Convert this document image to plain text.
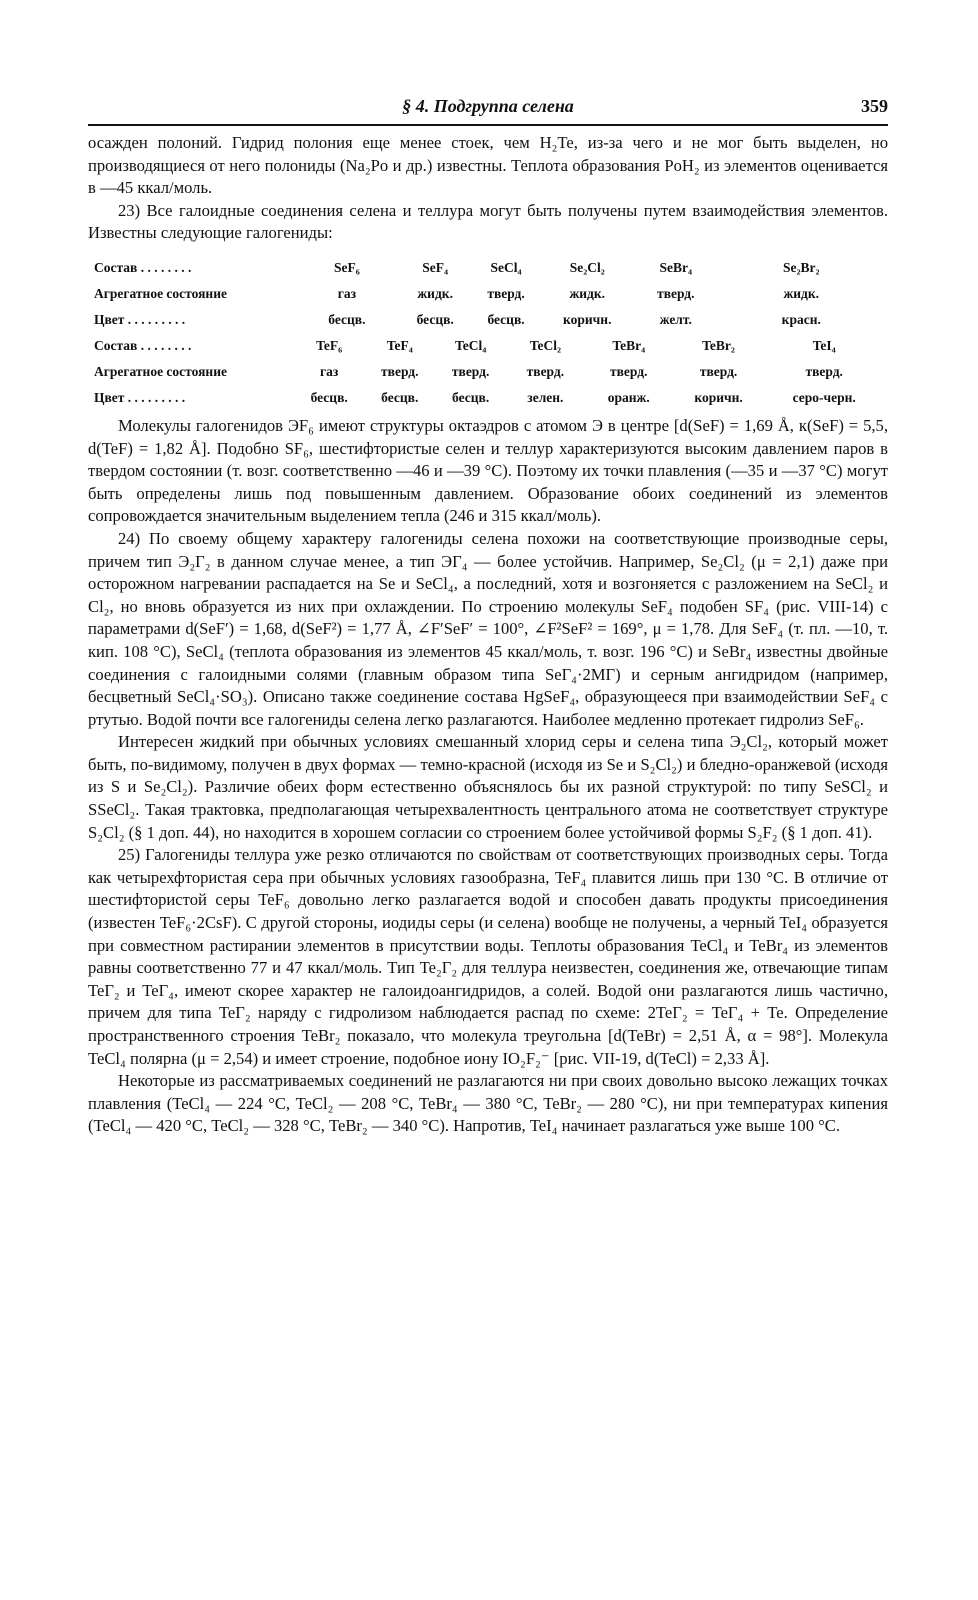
§ 4. Подгруппа селена	359

осажден полоний. Гидрид полония еще менее стоек, чем H₂Te, из-за чего и не мог быть выделен, но производящиеся от него полониды (Na₂Po и др.) известны. Теплота образования PoH₂ из элементов оценивается в —45 ккал/моль.

23) Все галоидные соединения селена и теллура могут быть получены путем взаимодействия элементов. Известны следующие галогениды:

Состав . . . . . . . .	SeF₆		SeF₄		SeCl₄		Se₂Cl₂		SeBr₄		Se₂Br₂	
Агрегатное состояние	газ		жидк.		тверд.		жидк.		тверд.		жидк.	
Цвет . . . . . . . . .	бесцв.		бесцв.		бесцв.		коричн.		желт.		красн.	

Состав . . . . . . . .	TeF₆	TeF₄		TeCl₄		TeCl₂		TeBr₄		TeBr₂		TeI₄
Агрегатное состояние	газ	тверд.		тверд.		тверд.		тверд.		тверд.		тверд.
Цвет . . . . . . . . .	бесцв.	бесцв.		бесцв.		зелен.		оранж.		коричн.		серо-черн.

Молекулы галогенидов ЭF₆ имеют структуры октаэдров с атомом Э в центре [d(SeF) = 1,69 Å, к(SeF) = 5,5, d(TeF) = 1,82 Å]. Подобно SF₆, шестифтористые селен и теллур характеризуются высоким давлением паров в твердом состоянии (т. возг. соответственно —46 и —39 °С). Поэтому их точки плавления (—35 и —37 °С) могут быть определены лишь под повышенным давлением. Образование обоих соединений из элементов сопровождается значительным выделением тепла (246 и 315 ккал/моль).

24) По своему общему характеру галогениды селена похожи на соответствующие производные серы, причем тип Э₂Г₂ в данном случае менее, а тип ЭГ₄ — более устойчив. Например, Se₂Cl₂ (μ = 2,1) даже при осторожном нагревании распадается на Se и SeCl₄, а последний, хотя и возгоняется с разложением на SeCl₂ и Cl₂, но вновь образуется из них при охлаждении. По строению молекулы SeF₄ подобен SF₄ (рис. VIII-14) с параметрами d(SeF′) = 1,68, d(SeF²) = 1,77 Å, ∠F′SeF′ = 100°, ∠F²SeF² = 169°, μ = 1,78. Для SeF₄ (т. пл. —10, т. кип. 108 °С), SeCl₄ (теплота образования из элементов 45 ккал/моль, т. возг. 196 °С) и SeBr₄ известны двойные соединения с галоидными солями (главным образом типа SeГ₄·2МГ) и серным ангидридом (например, бесцветный SeCl₄·SO₃). Описано также соединение состава HgSeF₄, образующееся при взаимодействии SeF₄ с ртутью. Водой почти все галогениды селена легко разлагаются. Наиболее медленно протекает гидролиз SeF₆.

Интересен жидкий при обычных условиях смешанный хлорид серы и селена типа Э₂Cl₂, который может быть, по-видимому, получен в двух формах — темно-красной (исходя из Se и S₂Cl₂) и бледно-оранжевой (исходя из S и Se₂Cl₂). Различие обеих форм естественно объяснялось бы их разной структурой: по типу SeSCl₂ и SSeCl₂. Такая трактовка, предполагающая четырехвалентность центрального атома не соответствует структуре S₂Cl₂ (§ 1 доп. 44), но находится в хорошем согласии со строением более устойчивой формы S₂F₂ (§ 1 доп. 41).

25) Галогениды теллура уже резко отличаются по свойствам от соответствующих производных серы. Тогда как четырехфтористая сера при обычных условиях газообразна, TeF₄ плавится лишь при 130 °С. В отличие от шестифтористой серы TeF₆ довольно легко разлагается водой и способен давать продукты присоединения (известен TeF₆·2CsF). С другой стороны, иодиды серы (и селена) вообще не получены, а черный TeI₄ образуется при совместном растирании элементов в присутствии воды. Теплоты образования TeCl₄ и TeBr₄ из элементов равны соответственно 77 и 47 ккал/моль. Тип Te₂Г₂ для теллура неизвестен, соединения же, отвечающие типам TeГ₂ и TeГ₄, имеют скорее характер не галоидоангидридов, а солей. Водой они разлагаются лишь частично, причем для типа TeГ₂ наряду с гидролизом наблюдается распад по схеме: 2TeГ₂ = TeГ₄ + Te. Определение пространственного строения TeBr₂ показало, что молекула треугольна [d(TeBr) = 2,51 Å, α = 98°]. Молекула TeCl₄ полярна (μ = 2,54) и имеет строение, подобное иону IO₂F₂⁻ [рис. VII-19, d(TeCl) = 2,33 Å].

Некоторые из рассматриваемых соединений не разлагаются ни при своих довольно высоко лежащих точках плавления (TeCl₄ — 224 °С, TeCl₂ — 208 °С, TeBr₄ — 380 °С, TeBr₂ — 280 °С), ни при температурах кипения (TeCl₄ — 420 °С, TeCl₂ — 328 °С, TeBr₂ — 340 °С). Напротив, TeI₄ начинает разлагаться уже выше 100 °С.
